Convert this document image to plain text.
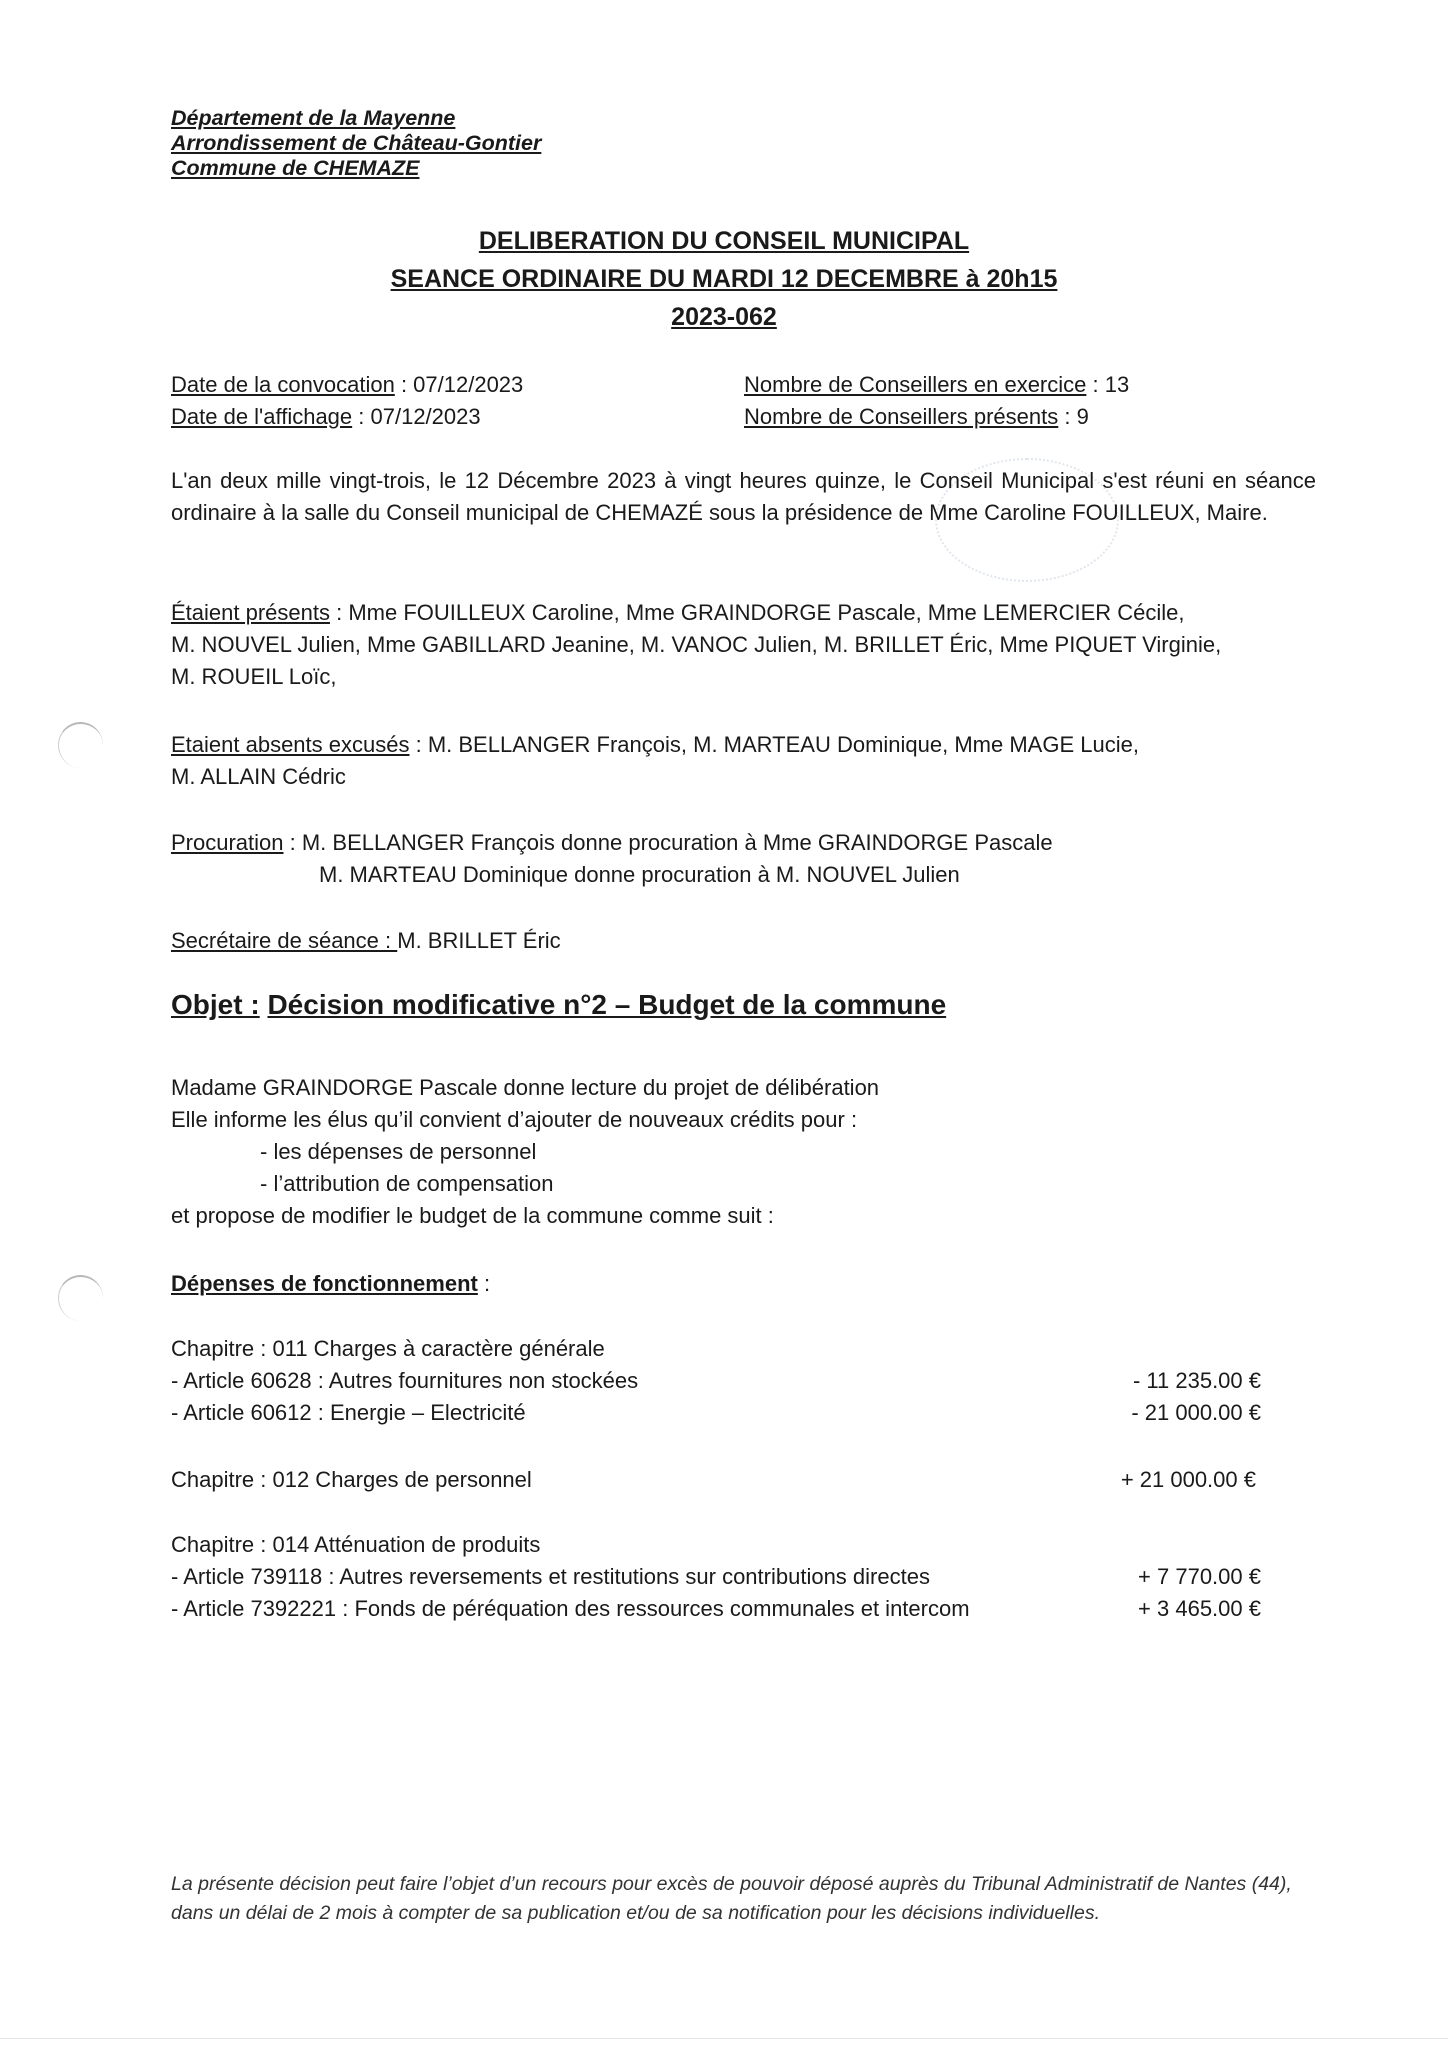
Département de la Mayenne
Arrondissement de Château-Gontier
Commune de CHEMAZE
DELIBERATION DU CONSEIL MUNICIPAL
SEANCE ORDINAIRE DU MARDI 12 DECEMBRE à 20h15
2023-062
Date de la convocation : 07/12/2023
Date de l'affichage : 07/12/2023
Nombre de Conseillers en exercice : 13
Nombre de Conseillers présents : 9
L'an deux mille vingt-trois, le 12 Décembre 2023 à vingt heures quinze, le Conseil Municipal s'est réuni en séance ordinaire à la salle du Conseil municipal de CHEMAZÉ sous la présidence de Mme Caroline FOUILLEUX, Maire.
Étaient présents : Mme FOUILLEUX Caroline, Mme GRAINDORGE Pascale, Mme LEMERCIER Cécile,
M. NOUVEL Julien, Mme GABILLARD Jeanine, M. VANOC Julien, M. BRILLET Éric, Mme PIQUET Virginie,
M. ROUEIL Loïc,
Etaient absents excusés : M. BELLANGER François, M. MARTEAU Dominique, Mme MAGE Lucie,
M. ALLAIN Cédric
Procuration : M. BELLANGER François donne procuration à Mme GRAINDORGE Pascale
M. MARTEAU Dominique donne procuration à M. NOUVEL Julien
Secrétaire de séance : M. BRILLET Éric
Objet : Décision modificative n°2 – Budget de la commune
Madame GRAINDORGE Pascale donne lecture du projet de délibération
Elle informe les élus qu’il convient d’ajouter de nouveaux crédits pour :
- les dépenses de personnel
- l’attribution de compensation
et propose de modifier le budget de la commune comme suit :
Dépenses de fonctionnement :
Chapitre : 011 Charges à caractère générale
- Article 60628 : Autres fournitures non stockées	- 11 235.00 €
- Article 60612 : Energie – Electricité	- 21 000.00 €
Chapitre : 012 Charges de personnel	+ 21 000.00 €
Chapitre : 014 Atténuation de produits
- Article 739118 : Autres reversements et restitutions sur contributions directes	+ 7 770.00 €
- Article 7392221 : Fonds de péréquation des ressources communales et intercom	+ 3 465.00 €
La présente décision peut faire l’objet d’un recours pour excès de pouvoir déposé auprès du Tribunal Administratif de Nantes (44), dans un délai de 2 mois à compter de sa publication et/ou de sa notification pour les décisions individuelles.
